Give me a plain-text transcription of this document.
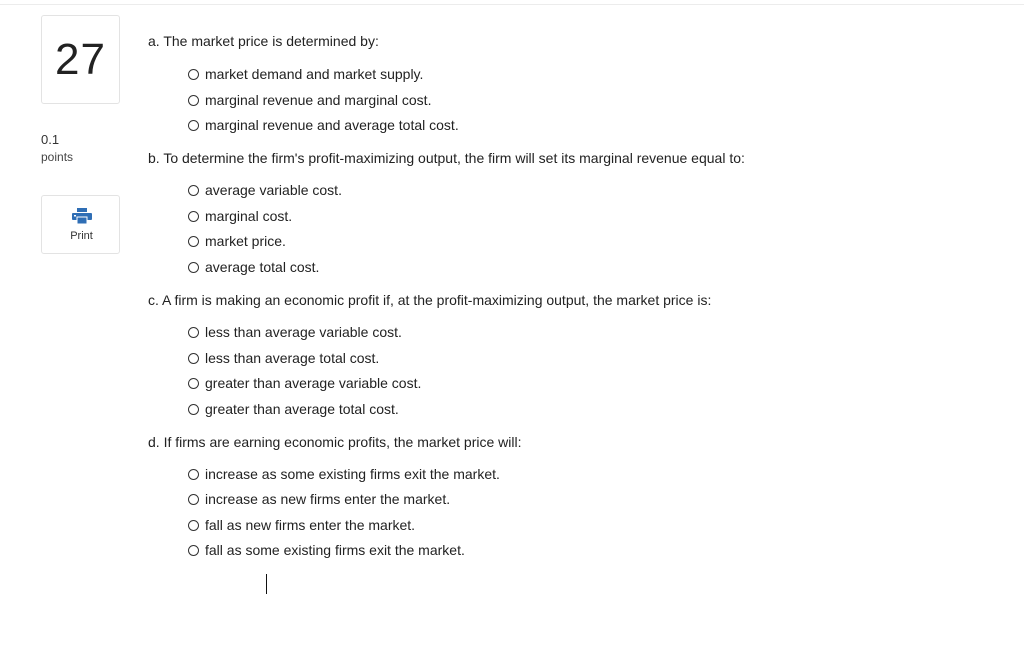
27
0.1
points
Print
a. The market price is determined by:
market demand and market supply.
marginal revenue and marginal cost.
marginal revenue and average total cost.
b. To determine the firm's profit-maximizing output, the firm will set its marginal revenue equal to:
average variable cost.
marginal cost.
market price.
average total cost.
c. A firm is making an economic profit if, at the profit-maximizing output, the market price is:
less than average variable cost.
less than average total cost.
greater than average variable cost.
greater than average total cost.
d. If firms are earning economic profits, the market price will:
increase as some existing firms exit the market.
increase as new firms enter the market.
fall as new firms enter the market.
fall as some existing firms exit the market.
